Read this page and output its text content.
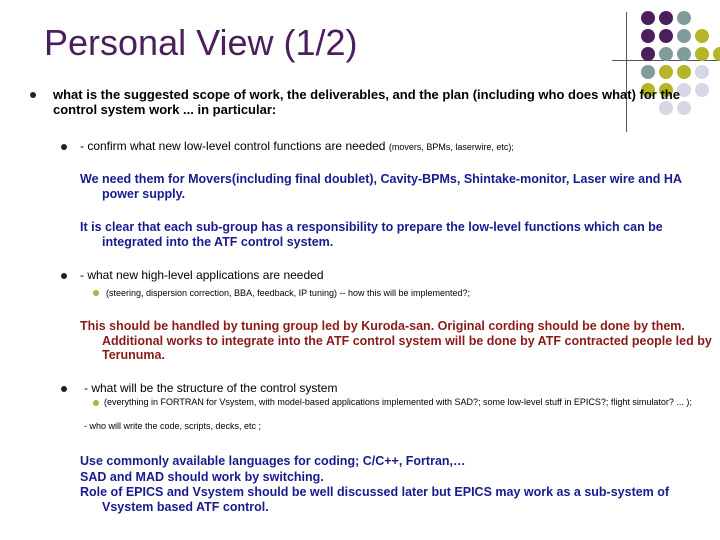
Personal View (1/2)
what is the suggested scope of work, the deliverables, and the plan (including who does what) for the control system work ... in particular:
- confirm what new low-level control functions are needed (movers, BPMs, laserwire, etc);
We need them for Movers(including final doublet), Cavity-BPMs, Shintake-monitor, Laser wire and HA power supply.
It is clear that each sub-group has a responsibility to prepare the low-level functions which can be integrated into the ATF control system.
- what new high-level applications are needed
(steering, dispersion correction, BBA, feedback, IP tuning) -- how this will be implemented?;
This should be handled by tuning group led by Kuroda-san. Original cording should be done by them. Additional works to integrate into the ATF control system will be done by ATF contracted people led by Terunuma.
- what will be the structure of the control system
(everything in FORTRAN for Vsystem, with model-based applications implemented with SAD?; some low-level stuff in EPICS?; flight simulator? ... );
- who will write the code, scripts, decks, etc ;
Use commonly available languages for coding; C/C++, Fortran,…
SAD and MAD should work by switching.
Role of EPICS and Vsystem should be well discussed later but EPICS may work as a sub-system of Vsystem based ATF control.
